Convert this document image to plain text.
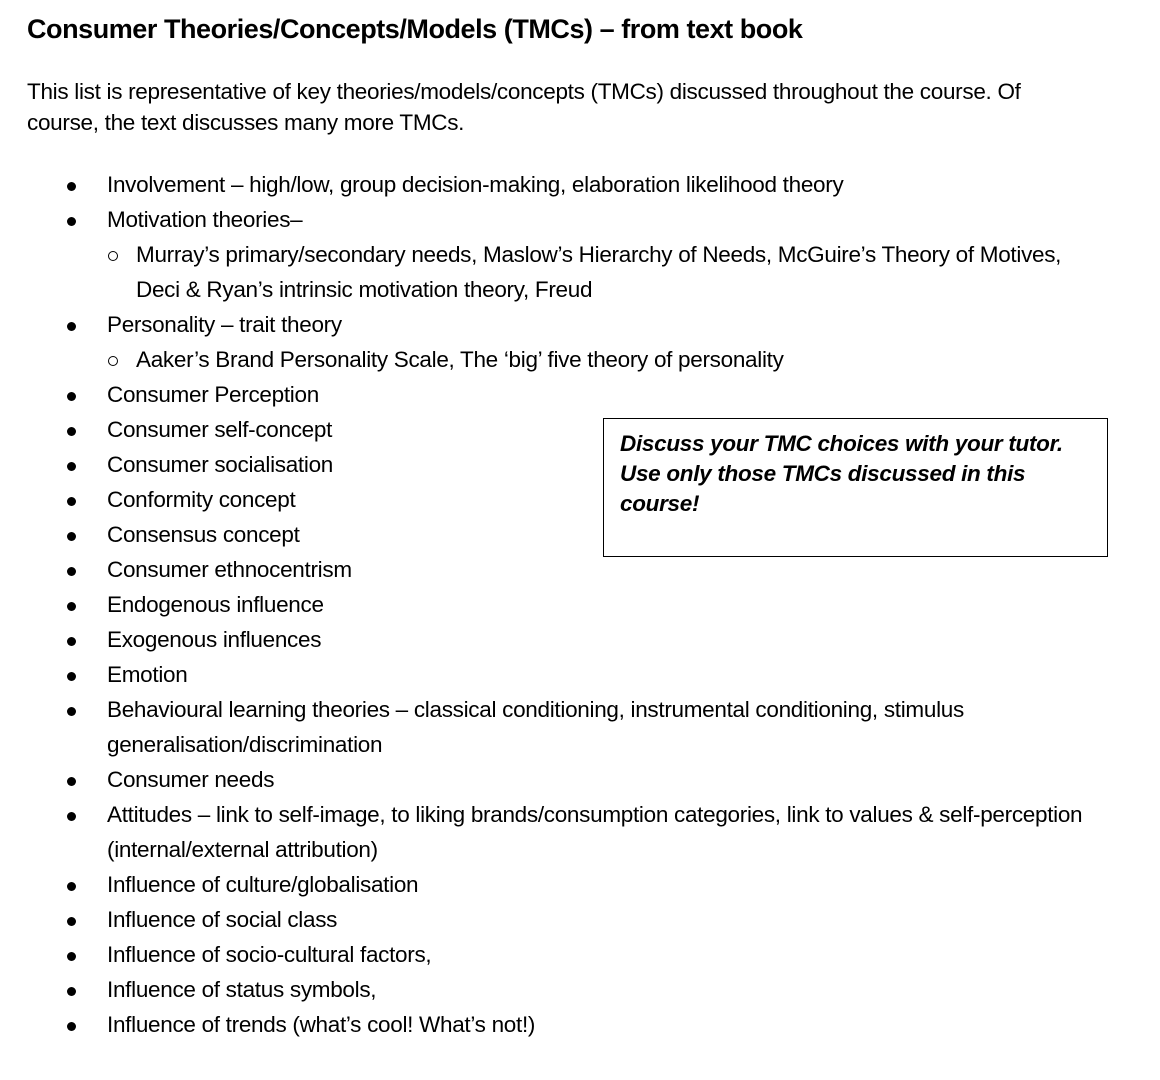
Consumer Theories/Concepts/Models (TMCs) – from text book

This list is representative of key theories/models/concepts (TMCs) discussed throughout the course. Of course, the text discusses many more TMCs.

Involvement – high/low, group decision-making, elaboration likelihood theory
Motivation theories–
Murray’s primary/secondary needs, Maslow’s Hierarchy of Needs, McGuire’s Theory of Motives, Deci & Ryan’s intrinsic motivation theory, Freud
Personality – trait theory
Aaker’s Brand Personality Scale, The ‘big’ five theory of personality
Consumer Perception
Consumer self-concept
Consumer socialisation
Conformity concept
Consensus concept
Consumer ethnocentrism
Endogenous influence
Exogenous influences
Emotion
Behavioural learning theories – classical conditioning, instrumental conditioning, stimulus generalisation/discrimination
Consumer needs
Attitudes – link to self-image, to liking brands/consumption categories, link to values & self-perception (internal/external attribution)
Influence of culture/globalisation
Influence of social class
Influence of socio-cultural factors,
Influence of status symbols,
Influence of trends (what’s cool! What’s not!)

Discuss your TMC choices with your tutor. Use only those TMCs discussed in this course!
